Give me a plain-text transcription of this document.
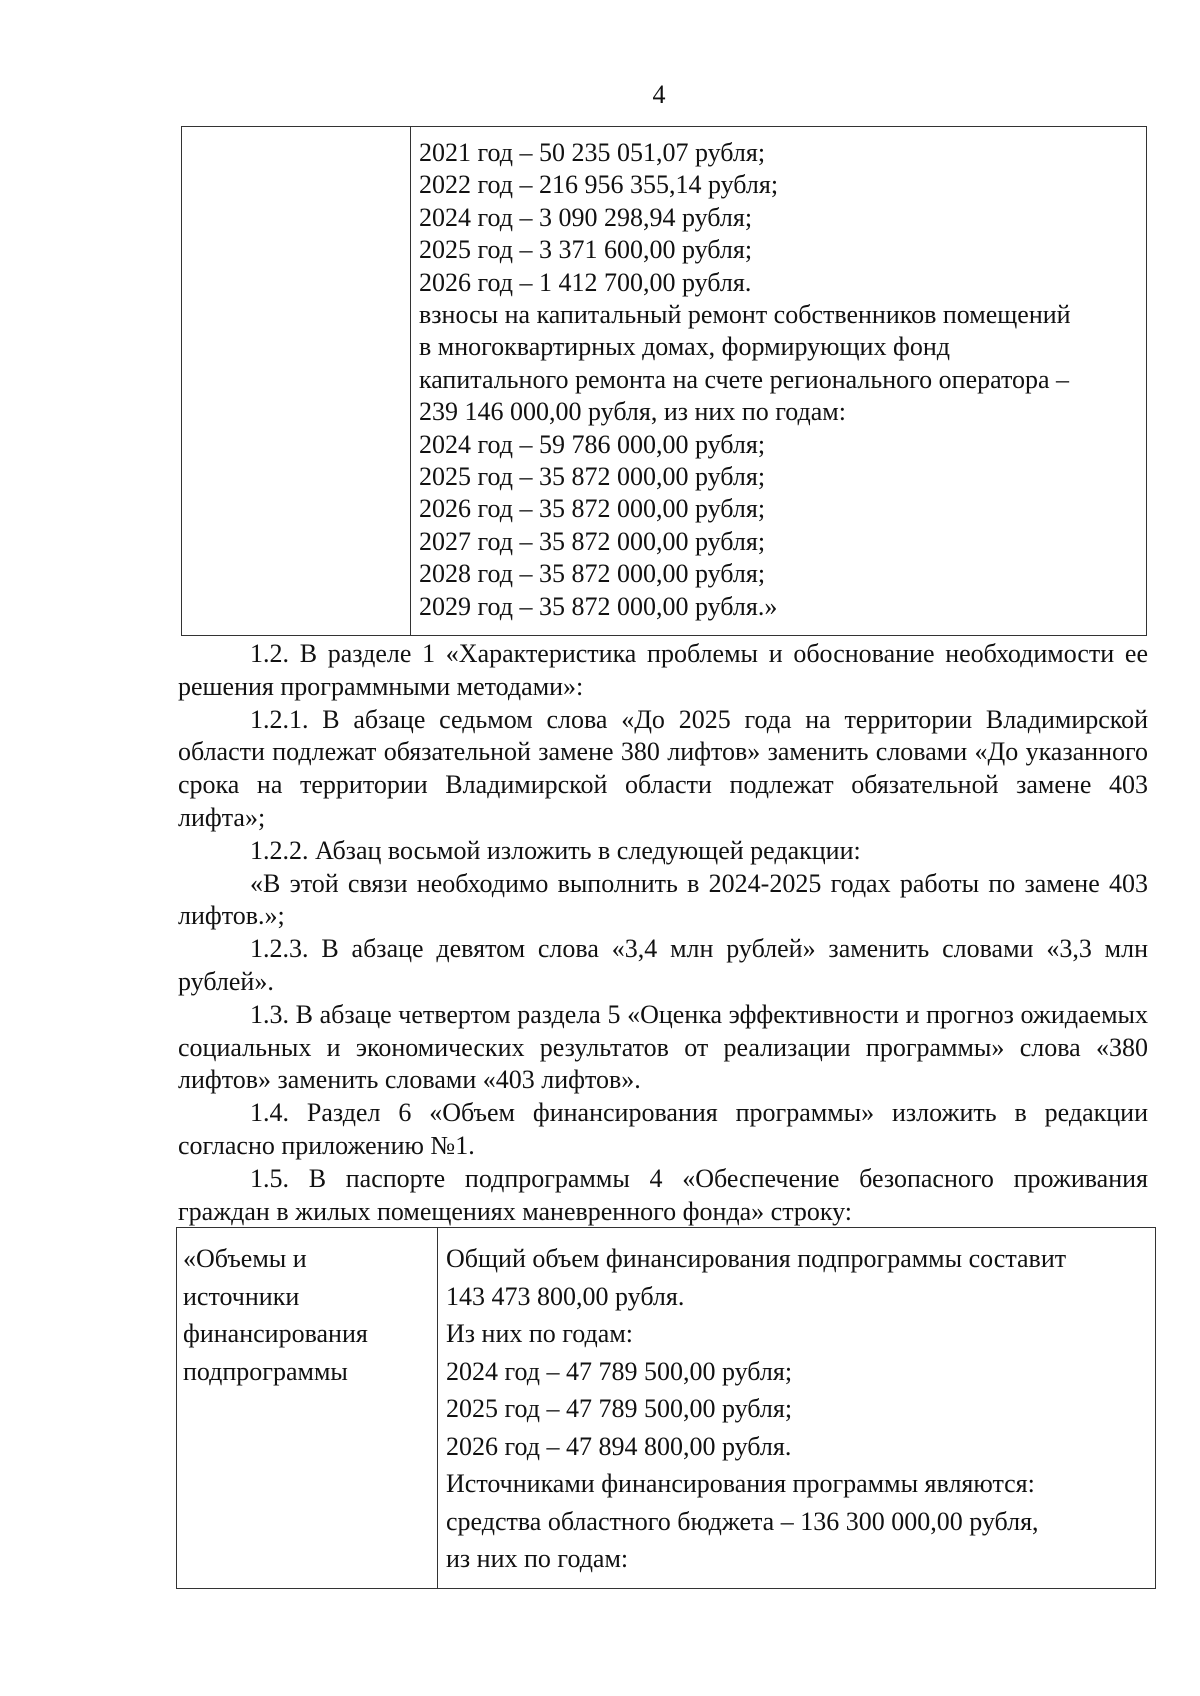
4

2021 год – 50 235 051,07 рубля;
2022 год – 216 956 355,14 рубля;
2024 год – 3 090 298,94 рубля;
2025 год – 3 371 600,00 рубля;
2026 год – 1 412 700,00 рубля.
взносы на капитальный ремонт собственников помещений
в многоквартирных домах, формирующих фонд
капитального ремонта на счете регионального оператора –
239 146 000,00 рубля, из них по годам:
2024 год – 59 786 000,00 рубля;
2025 год – 35 872 000,00 рубля;
2026 год – 35 872 000,00 рубля;
2027 год – 35 872 000,00 рубля;
2028 год – 35 872 000,00 рубля;
2029 год – 35 872 000,00 рубля.»

1.2. В разделе 1 «Характеристика проблемы и обоснование необходимости ее решения программными методами»:

1.2.1. В абзаце седьмом слова «До 2025 года на территории Владимирской области подлежат обязательной замене 380 лифтов» заменить словами «До указанного срока на территории Владимирской области подлежат обязательной замене 403 лифта»;

1.2.2. Абзац восьмой изложить в следующей редакции:

«В этой связи необходимо выполнить в 2024-2025 годах работы по замене 403 лифтов.»;

1.2.3. В абзаце девятом слова «3,4 млн рублей» заменить словами «3,3 млн рублей».

1.3. В абзаце четвертом раздела 5 «Оценка эффективности и прогноз ожидаемых социальных и экономических результатов от реализации программы» слова «380 лифтов» заменить словами «403 лифтов».

1.4. Раздел 6 «Объем финансирования программы» изложить в редакции согласно приложению №1.

1.5. В паспорте подпрограммы 4 «Обеспечение безопасного проживания граждан в жилых помещениях маневренного фонда» строку:

«Объемы и
источники
финансирования
подпрограммы

Общий объем финансирования подпрограммы составит
143 473 800,00 рубля.
Из них по годам:
2024 год – 47 789 500,00 рубля;
2025 год – 47 789 500,00 рубля;
2026 год – 47 894 800,00 рубля.
Источниками финансирования программы являются:
средства областного бюджета – 136 300 000,00 рубля,
из них по годам:
